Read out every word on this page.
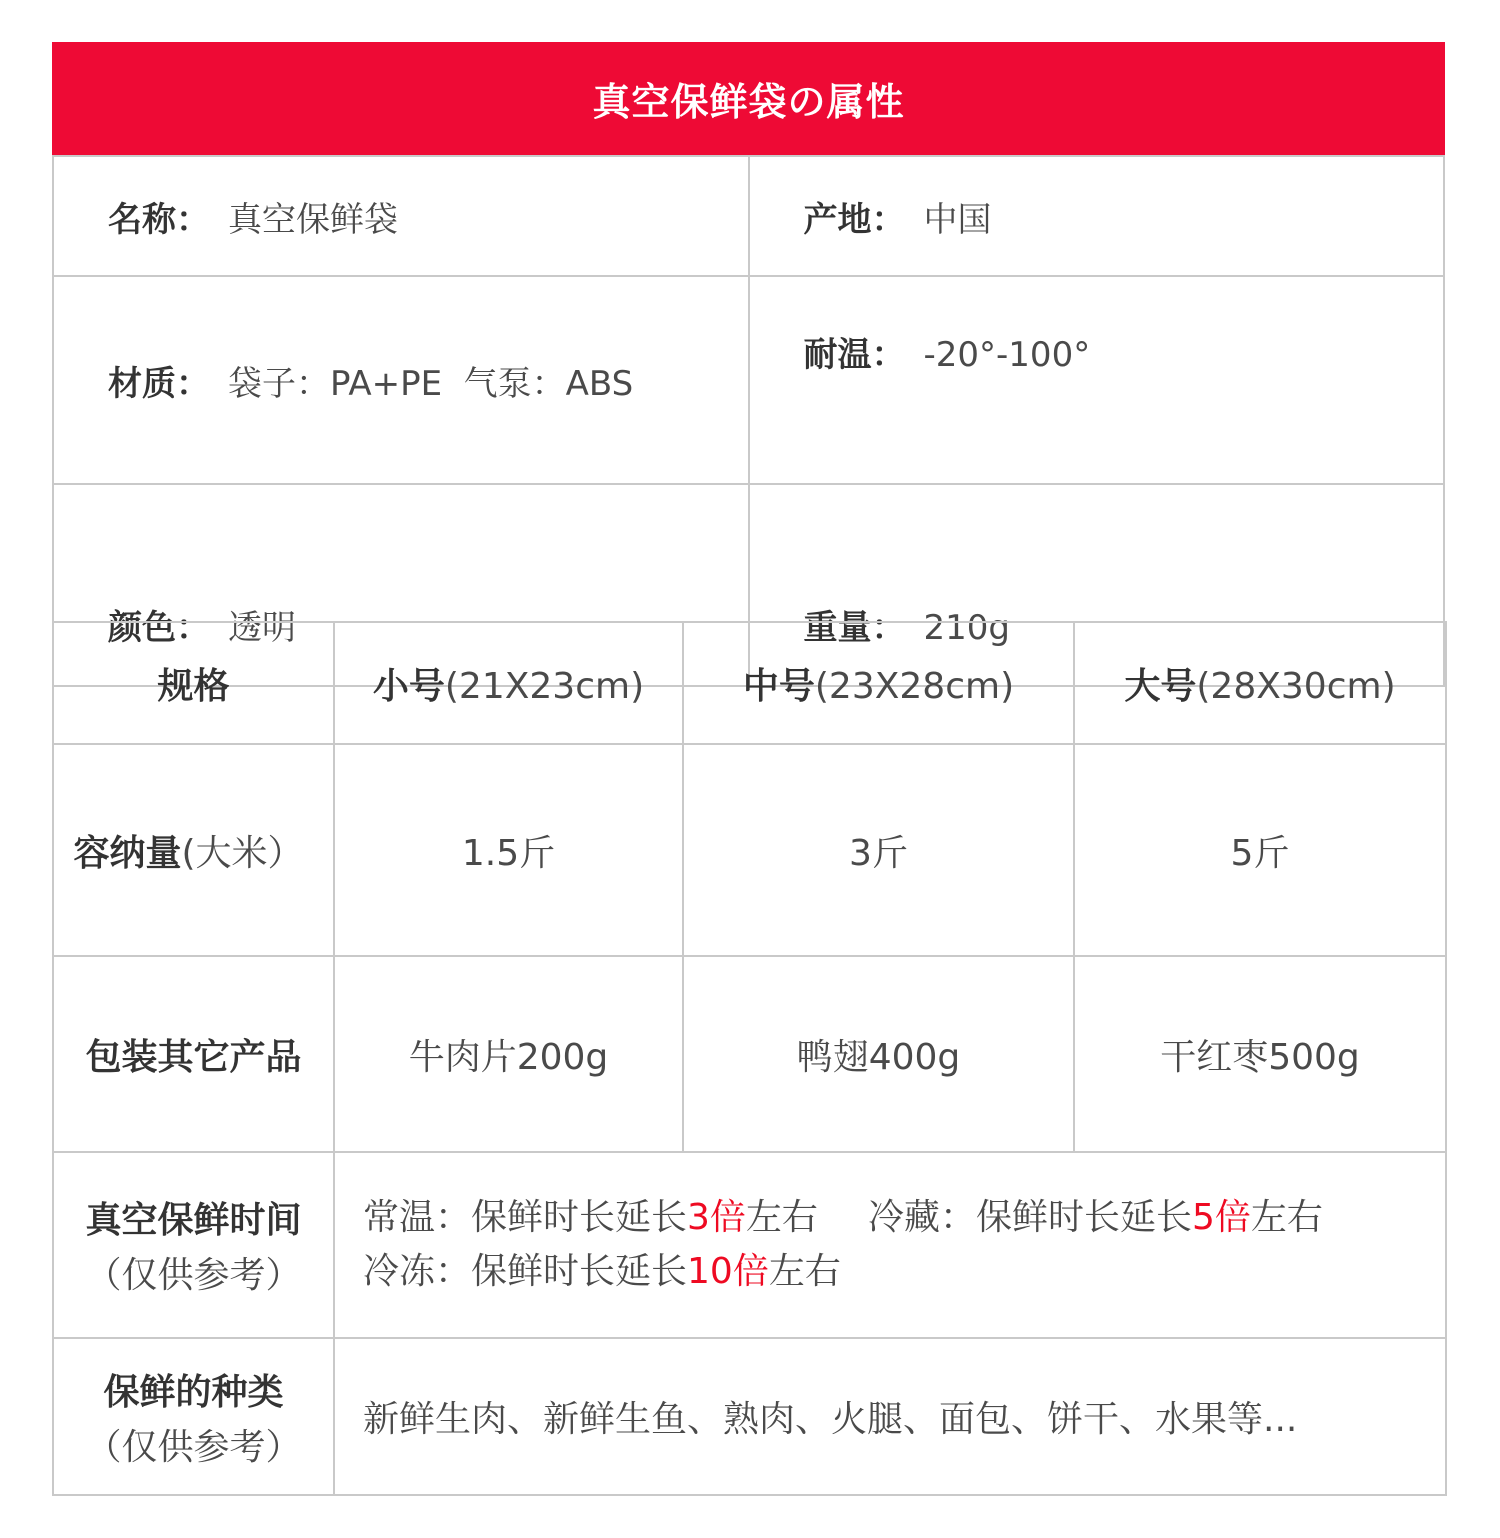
真空保鲜袋の属性
名称： 真空保鲜袋	产地： 中国
材质： 袋子：PA+PE  气泵：ABS	耐温： -20°-100°
颜色： 透明	重量： 210g
规格	小号(21X23cm)	中号(23X28cm)	大号(28X30cm)
容纳量(大米）	1.5斤	3斤	5斤
包装其它产品	牛肉片200g	鸭翅400g	干红枣500g
真空保鲜时间
（仅供参考）	常温：保鲜时长延长3倍左右 冷藏：保鲜时长延长5倍左右
冷冻：保鲜时长延长10倍左右		

保鲜的种类
（仅供参考）	新鲜生肉、新鲜生鱼、熟肉、火腿、面包、饼干、水果等...		
